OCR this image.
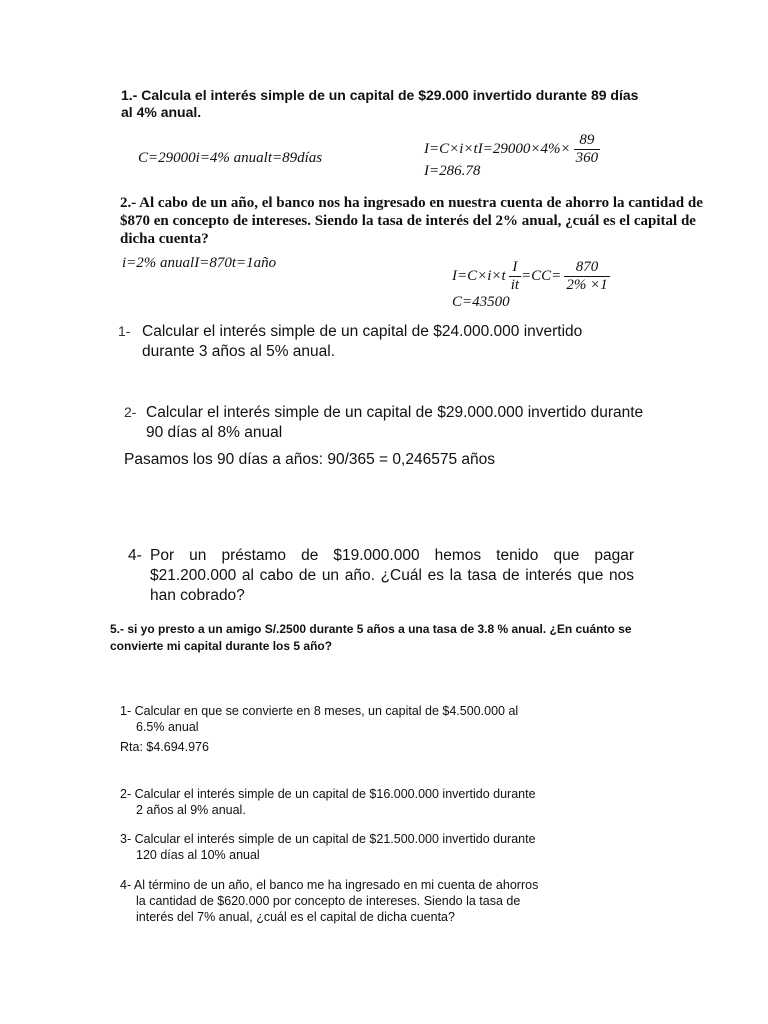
1.- Calcula el interés simple de un capital de $29.000 invertido durante 89 días al 4% anual.
C=29000i=4% anualt=89días
$I=C\times i\times tI=29000\times 4\%\times \frac{89}{360}$
I=286.78
2.- Al cabo de un año, el banco nos ha ingresado en nuestra cuenta de ahorro la cantidad de $870 en concepto de intereses. Siendo la tasa de interés del 2% anual, ¿cuál es el capital de dicha cuenta?
i=2% anualI=870t=1año
$I=C\times i\times t \frac{I}{it} =CC= \frac{870}{2\% \times 1}$
C=43500
1- Calcular el interés simple de un capital de $24.000.000 invertido durante 3 años al 5% anual.
2- Calcular el interés simple de un capital de $29.000.000 invertido durante 90 días al 8% anual
Pasamos los 90 días a años: 90/365 = 0,246575 años
4- Por un préstamo de $19.000.000 hemos tenido que pagar $21.200.000 al cabo de un año. ¿Cuál es la tasa de interés que nos han cobrado?
5.- si yo presto a un amigo S/.2500 durante 5 años a una tasa de 3.8 % anual. ¿En cuánto se convierte mi capital durante los 5 año?
1- Calcular en que se convierte en 8 meses, un capital de $4.500.000 al 6.5% anual
Rta: $4.694.976
2- Calcular el interés simple de un capital de $16.000.000 invertido durante 2 años al 9% anual.
3- Calcular el interés simple de un capital de $21.500.000 invertido durante 120 días al 10% anual
4- Al término de un año, el banco me ha ingresado en mi cuenta de ahorros la cantidad de $620.000 por concepto de intereses. Siendo la tasa de interés del 7% anual, ¿cuál es el capital de dicha cuenta?
